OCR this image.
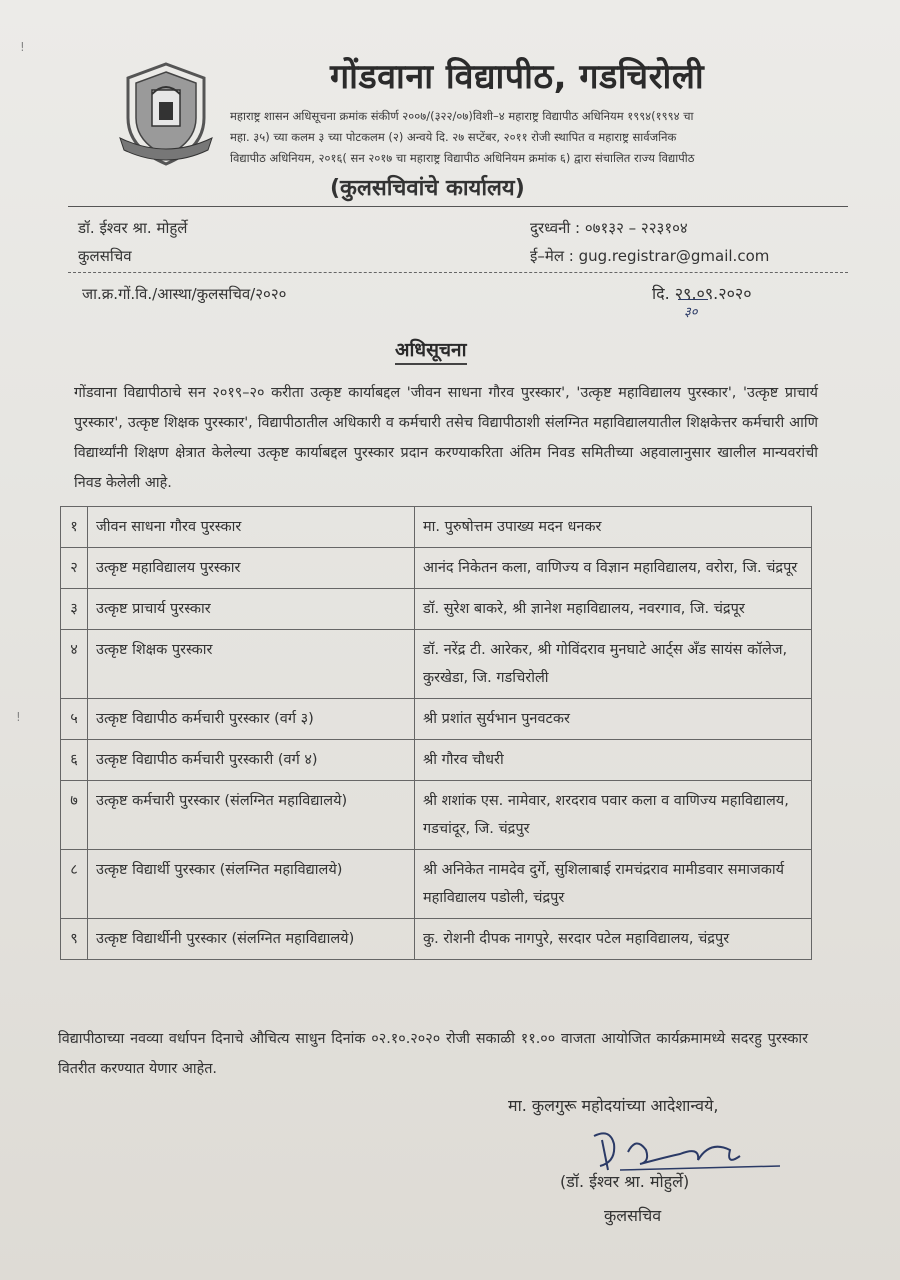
गोंडवाना विद्यापीठ, गडचिरोली
महाराष्ट्र शासन अधिसूचना क्रमांक संकीर्ण २००७/(३२२/०७)विशी–४ महाराष्ट्र विद्यापीठ अधिनियम १९९४(१९९४ चा
महा. ३५) च्या कलम ३ च्या पोटकलम (२) अन्वये दि. २७ सप्टेंबर, २०११ रोजी स्थापित व महाराष्ट्र सार्वजनिक
विद्यापीठ अधिनियम, २०१६( सन २०१७ चा महाराष्ट्र विद्यापीठ अधिनियम क्रमांक ६) द्वारा संचालित राज्य विद्यापीठ
(कुलसचिवांचे कार्यालय)
डॉ. ईश्वर श्रा. मोहुर्ले
कुलसचिव
दुरध्वनी : ०७१३२ – २२३१०४
ई–मेल : gug.registrar@gmail.com
जा.क्र.गों.वि./आस्था/कुलसचिव/२०२०	दि. २९.०९.२०२०
३०
अधिसूचना
गोंडवाना विद्यापीठाचे सन २०१९–२० करीता उत्कृष्ट कार्याबद्दल 'जीवन साधना गौरव पुरस्कार', 'उत्कृष्ट महाविद्यालय पुरस्कार', 'उत्कृष्ट प्राचार्य पुरस्कार', उत्कृष्ट शिक्षक पुरस्कार', विद्यापीठातील अधिकारी व कर्मचारी तसेच विद्यापीठाशी संलग्नित महाविद्यालयातील शिक्षकेत्तर कर्मचारी आणि विद्यार्थ्यांनी शिक्षण क्षेत्रात केलेल्या उत्कृष्ट कार्याबद्दल पुरस्कार प्रदान करण्याकरिता अंतिम निवड समितीच्या अहवालानुसार खालील मान्यवरांची निवड केलेली आहे.
१	जीवन साधना गौरव पुरस्कार	मा. पुरुषोत्तम उपाख्य मदन धनकर
२	उत्कृष्ट महाविद्यालय पुरस्कार	आनंद निकेतन कला, वाणिज्य व विज्ञान महाविद्यालय, वरोरा, जि. चंद्रपूर
३	उत्कृष्ट प्राचार्य पुरस्कार	डॉ. सुरेश बाकरे, श्री ज्ञानेश महाविद्यालय, नवरगाव, जि. चंद्रपूर
४	उत्कृष्ट शिक्षक पुरस्कार	डॉ. नरेंद्र टी. आरेकर, श्री गोविंदराव मुनघाटे आर्ट्स अँड सायंस कॉलेज, कुरखेडा, जि. गडचिरोली
५	उत्कृष्ट विद्यापीठ कर्मचारी पुरस्कार (वर्ग ३)	श्री प्रशांत सुर्यभान पुनवटकर
६	उत्कृष्ट विद्यापीठ कर्मचारी पुरस्कारी (वर्ग ४)	श्री गौरव चौधरी
७	उत्कृष्ट कर्मचारी पुरस्कार (संलग्नित महाविद्यालये)	श्री शशांक एस. नामेवार, शरदराव पवार कला व वाणिज्य महाविद्यालय, गडचांदूर, जि. चंद्रपुर
८	उत्कृष्ट विद्यार्थी पुरस्कार (संलग्नित महाविद्यालये)	श्री अनिकेत नामदेव दुर्गे, सुशिलाबाई रामचंद्रराव मामीडवार समाजकार्य महाविद्यालय पडोली, चंद्रपुर
९	उत्कृष्ट विद्यार्थीनी पुरस्कार (संलग्नित महाविद्यालये)	कु. रोशनी दीपक नागपुरे, सरदार पटेल महाविद्यालय, चंद्रपुर
विद्यापीठाच्या नवव्या वर्धापन दिनाचे औचित्य साधुन दिनांक ०२.१०.२०२० रोजी सकाळी ११.०० वाजता आयोजित कार्यक्रमामध्ये सदरहु पुरस्कार वितरीत करण्यात येणार आहेत.
मा. कुलगुरू महोदयांच्या आदेशान्वये,
(डॉ. ईश्वर श्रा. मोहुर्ले)
कुलसचिव
!
!
